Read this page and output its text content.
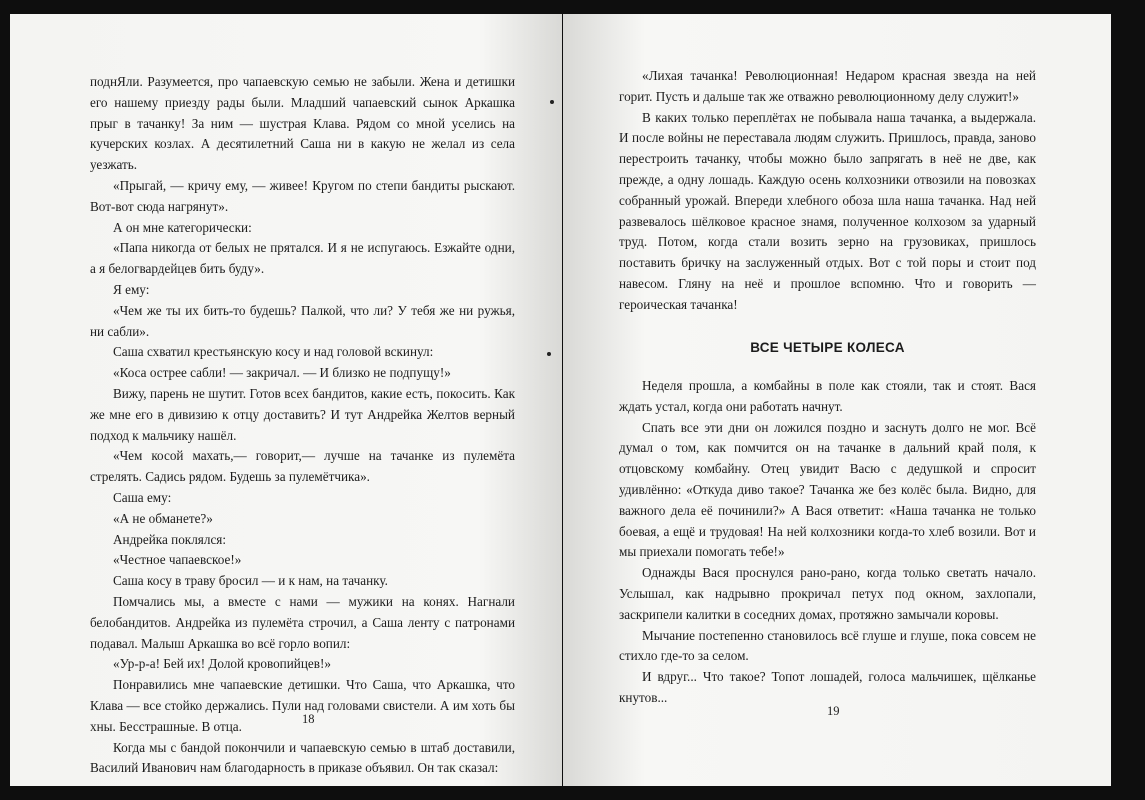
поднЯли. Разумеется, про чапаевскую семью не забыли. Жена и детишки его нашему приезду рады были. Младший чапаевский сынок Аркашка прыг в тачанку! За ним — шустрая Клава. Рядом со мной уселись на кучерских козлах. А десятилетний Саша ни в какую не желал из села уезжать.

«Прыгай, — кричу ему, — живее! Кругом по степи бандиты рыскают. Вот-вот сюда нагрянут».

А он мне категорически:

«Папа никогда от белых не прятался. И я не испугаюсь. Езжайте одни, а я белогвардейцев бить буду».

Я ему:

«Чем же ты их бить-то будешь? Палкой, что ли? У тебя же ни ружья, ни сабли».

Саша схватил крестьянскую косу и над головой вскинул:

«Коса острее сабли! — закричал. — И близко не подпущу!»

Вижу, парень не шутит. Готов всех бандитов, какие есть, покосить. Как же мне его в дивизию к отцу доставить? И тут Андрейка Желтов верный подход к мальчику нашёл.

«Чем косой махать,— говорит,— лучше на тачанке из пулемёта стрелять. Садись рядом. Будешь за пулемётчика».

Саша ему:

«А не обманете?»

Андрейка поклялся:

«Честное чапаевское!»

Саша косу в траву бросил — и к нам, на тачанку.

Помчались мы, а вместе с нами — мужики на конях. Нагнали белобандитов. Андрейка из пулемёта строчил, а Саша ленту с патронами подавал. Малыш Аркашка во всё горло вопил:

«Ур-р-а! Бей их! Долой кровопийцев!»

Понравились мне чапаевские детишки. Что Саша, что Аркашка, что Клава — все стойко держались. Пули над головами свистели. А им хоть бы хны. Бесстрашные. В отца.

Когда мы с бандой покончили и чапаевскую семью в штаб доставили, Василий Иванович нам благодарность в приказе объявил. Он так сказал:

18

«Лихая тачанка! Революционная! Недаром красная звезда на ней горит. Пусть и дальше так же отважно революционному делу служит!»

В каких только переплётах не побывала наша тачанка, а выдержала. И после войны не переставала людям служить. Пришлось, правда, заново перестроить тачанку, чтобы можно было запрягать в неё не две, как прежде, а одну лошадь. Каждую осень колхозники отвозили на повозках собранный урожай. Впереди хлебного обоза шла наша тачанка. Над ней развевалось шёлковое красное знамя, полученное колхозом за ударный труд. Потом, когда стали возить зерно на грузовиках, пришлось поставить бричку на заслуженный отдых. Вот с той поры и стоит под навесом. Гляну на неё и прошлое вспомню. Что и говорить — героическая тачанка!

ВСЕ ЧЕТЫРЕ КОЛЕСА

Неделя прошла, а комбайны в поле как стояли, так и стоят. Вася ждать устал, когда они работать начнут.

Спать все эти дни он ложился поздно и заснуть долго не мог. Всё думал о том, как помчится он на тачанке в дальний край поля, к отцовскому комбайну. Отец увидит Васю с дедушкой и спросит удивлённо: «Откуда диво такое? Тачанка же без колёс была. Видно, для важного дела её починили?» А Вася ответит: «Наша тачанка не только боевая, а ещё и трудовая! На ней колхозники когда-то хлеб возили. Вот и мы приехали помогать тебе!»

Однажды Вася проснулся рано-рано, когда только светать начало. Услышал, как надрывно прокричал петух под окном, захлопали, заскрипели калитки в соседних домах, протяжно замычали коровы.

Мычание постепенно становилось всё глуше и глуше, пока совсем не стихло где-то за селом.

И вдруг... Что такое? Топот лошадей, голоса мальчишек, щёлканье кнутов...

19
